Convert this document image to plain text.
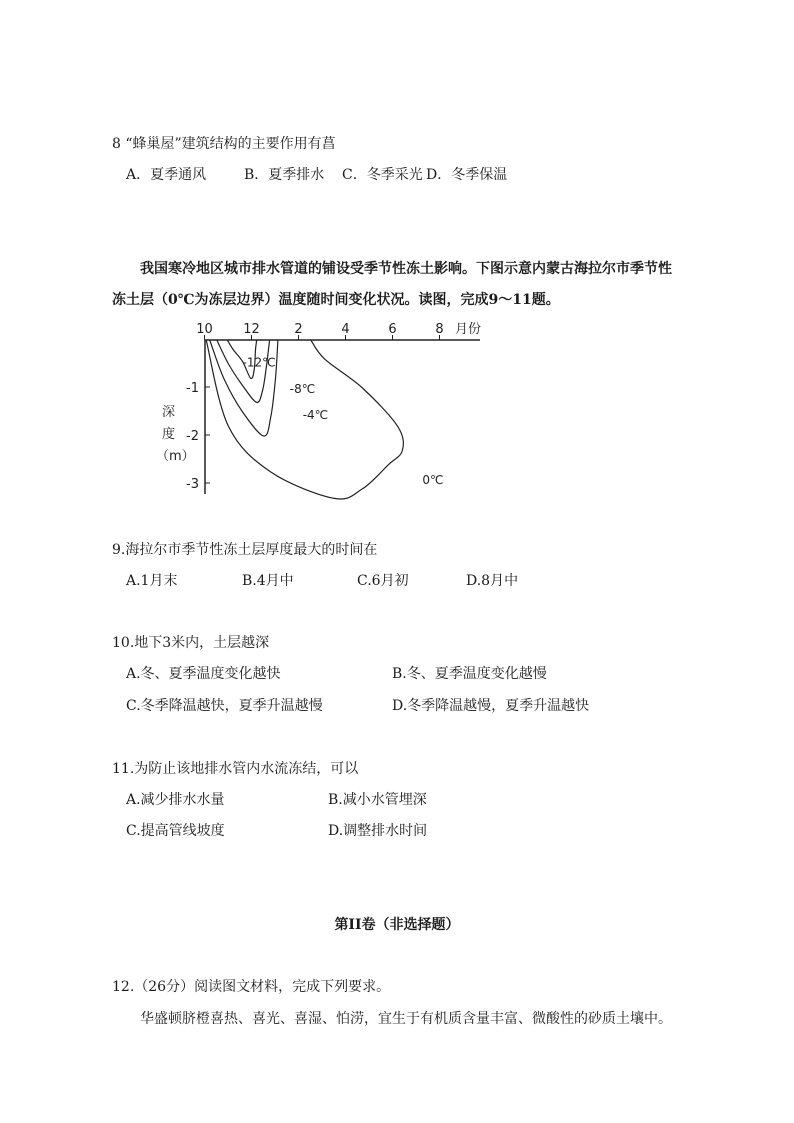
8 “蜂巢屋”建筑结构的主要作用有菖
A．夏季通风	B．夏季排水 C．冬季采光 D．冬季保温
我国寒冷地区城市排水管道的铺设受季节性冻土影响。下图示意内蒙古海拉尔市季节性
冻土层（0℃为冻层边界）温度随时间变化状况。读图，完成9～11题。
10 12	2	4	6	8
-1
-2
-3
月份
深
度
（m）
-12℃
-8℃
-4℃
0℃
9.海拉尔市季节性冻土层厚度最大的时间在
A.1月末	B.4月中	C.6月初	D.8月中
10.地下3米内，土层越深
A.冬、夏季温度变化越快	B.冬、夏季温度变化越慢
C.冬季降温越快，夏季升温越慢	D.冬季降温越慢，夏季升温越快
11.为防止该地排水管内水流冻结，可以
A.减少排水水量	B.减小水管埋深
C.提高管线坡度	D.调整排水时间
第II卷（非选择题）
12.（26分）阅读图文材料，完成下列要求。
华盛顿脐橙喜热、喜光、喜湿、怕涝，宜生于有机质含量丰富、微酸性的砂质土壤中。
